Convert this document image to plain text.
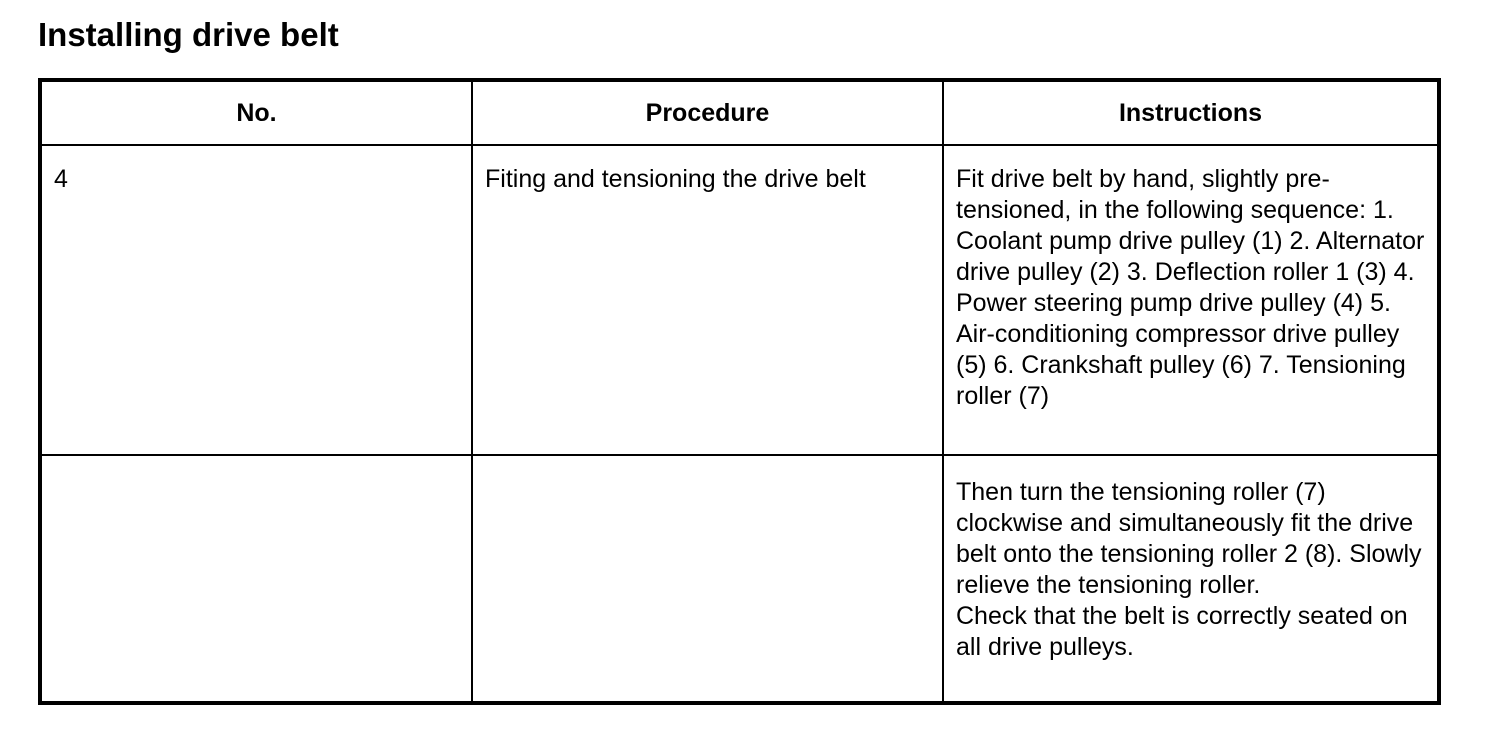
Installing drive belt
No.	Procedure	Instructions

4	Fiting and tensioning the drive belt	Fit drive belt by hand, slightly pre-tensioned, in the following sequence: 1. Coolant pump drive pulley (1) 2. Alternator drive pulley (2) 3. Deflection roller 1 (3) 4. Power steering pump drive pulley (4) 5. Air-conditioning compressor drive pulley (5) 6. Crankshaft pulley (6) 7. Tensioning roller (7)

		Then turn the tensioning roller (7) clockwise and simultaneously fit the drive belt onto the tensioning roller 2 (8). Slowly relieve the tensioning roller.
Check that the belt is correctly seated on all drive pulleys.
